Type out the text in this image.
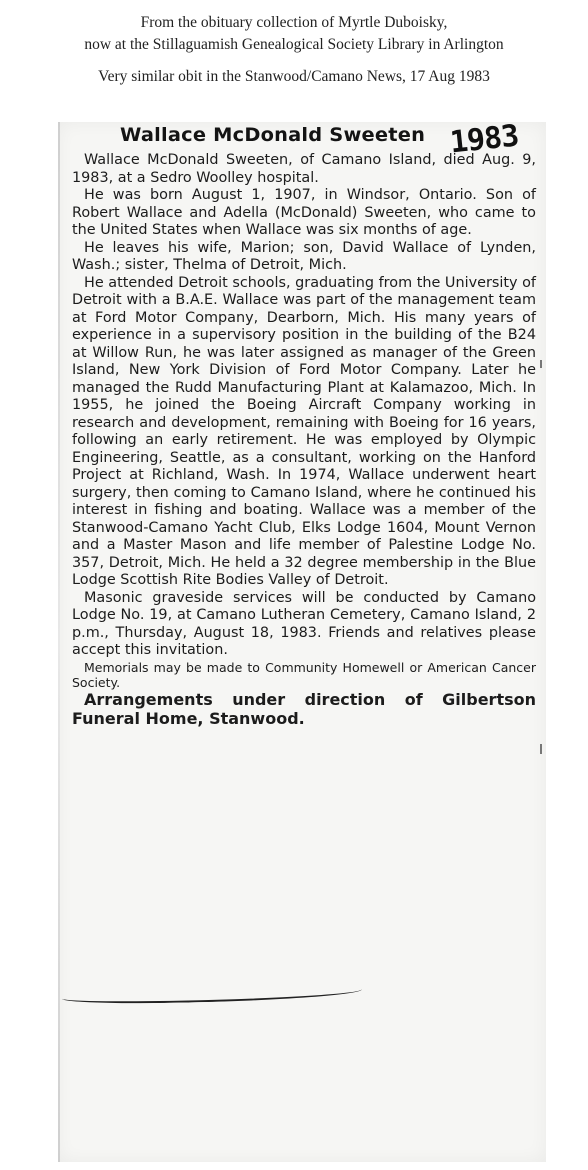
From the obituary collection of Myrtle Duboisky,
now at the Stillaguamish Genealogical Society Library in Arlington
Very similar obit in the Stanwood/Camano News, 17 Aug 1983
Wallace McDonald Sweeten 1983

Wallace McDonald Sweeten, of Camano Island, died Aug. 9, 1983, at a Sedro Woolley hospital.

He was born August 1, 1907, in Windsor, Ontario. Son of Robert Wallace and Adella (McDonald) Sweeten, who came to the United States when Wallace was six months of age.

He leaves his wife, Marion; son, David Wallace of Lynden, Wash.; sister, Thelma of Detroit, Mich.

He attended Detroit schools, graduating from the University of Detroit with a B.A.E. Wallace was part of the management team at Ford Motor Company, Dearborn, Mich. His many years of experience in a supervisory position in the building of the B24 at Willow Run, he was later assigned as manager of the Green Island, New York Division of Ford Motor Company. Later he managed the Rudd Manufacturing Plant at Kalamazoo, Mich. In 1955, he joined the Boeing Aircraft Company working in research and development, remaining with Boeing for 16 years, following an early retirement. He was employed by Olympic Engineering, Seattle, as a consultant, working on the Hanford Project at Richland, Wash. In 1974, Wallace underwent heart surgery, then coming to Camano Island, where he continued his interest in fishing and boating. Wallace was a member of the Stanwood-Camano Yacht Club, Elks Lodge 1604, Mount Vernon and a Master Mason and life member of Palestine Lodge No. 357, Detroit, Mich. He held a 32 degree membership in the Blue Lodge Scottish Rite Bodies Valley of Detroit.

Masonic graveside services will be conducted by Camano Lodge No. 19, at Camano Lutheran Cemetery, Camano Island, 2 p.m., Thursday, August 18, 1983. Friends and relatives please accept this invitation.

Memorials may be made to Community Homewell or American Cancer Society.

Arrangements under direction of Gilbertson Funeral Home, Stanwood.
